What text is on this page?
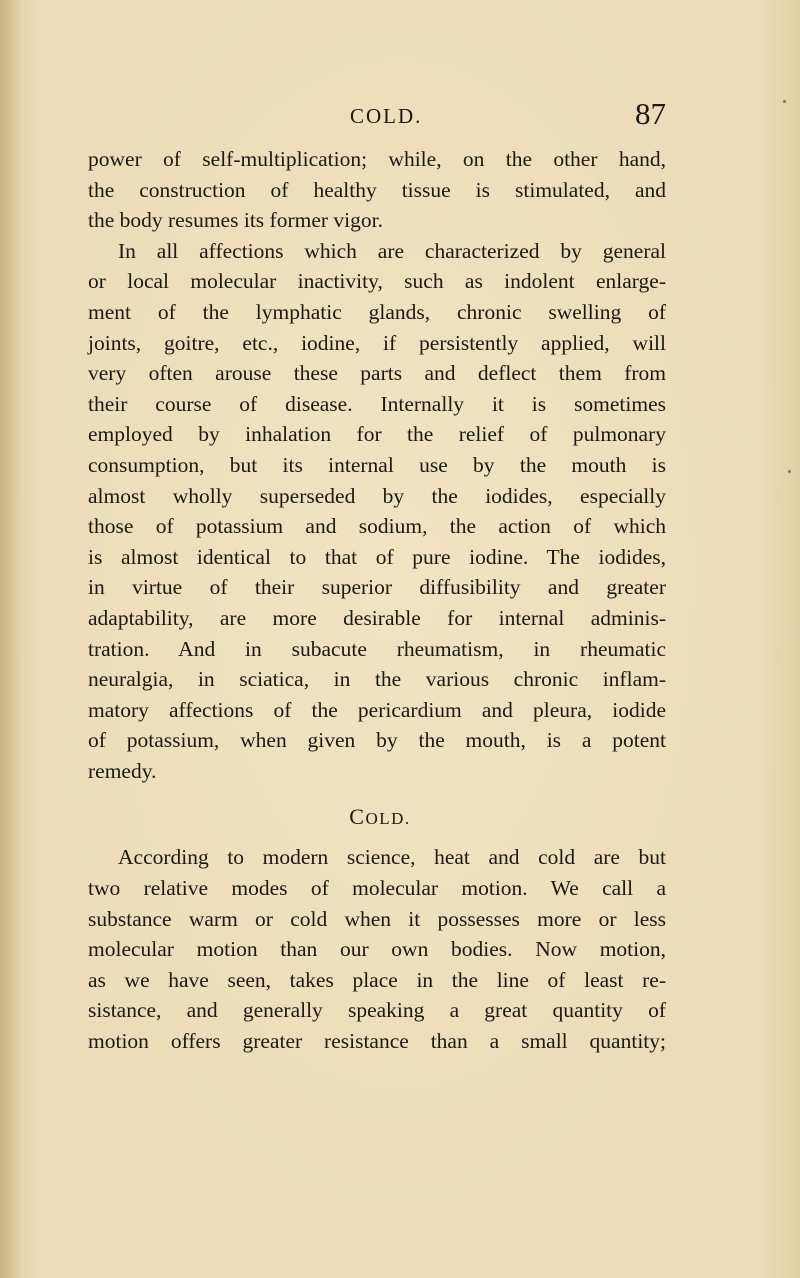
COLD.	87
power of self-multiplication; while, on the other hand,
the construction of healthy tissue is stimulated, and
the body resumes its former vigor.
In all affections which are characterized by general
or local molecular inactivity, such as indolent enlarge-
ment of the lymphatic glands, chronic swelling of
joints, goitre, etc., iodine, if persistently applied, will
very often arouse these parts and deflect them from
their course of disease. Internally it is sometimes
employed by inhalation for the relief of pulmonary
consumption, but its internal use by the mouth is
almost wholly superseded by the iodides, especially
those of potassium and sodium, the action of which
is almost identical to that of pure iodine. The iodides,
in virtue of their superior diffusibility and greater
adaptability, are more desirable for internal adminis-
tration. And in subacute rheumatism, in rheumatic
neuralgia, in sciatica, in the various chronic inflam-
matory affections of the pericardium and pleura, iodide
of potassium, when given by the mouth, is a potent
remedy.
COLD.
According to modern science, heat and cold are but
two relative modes of molecular motion. We call a
substance warm or cold when it possesses more or less
molecular motion than our own bodies. Now motion,
as we have seen, takes place in the line of least re-
sistance, and generally speaking a great quantity of
motion offers greater resistance than a small quantity;
